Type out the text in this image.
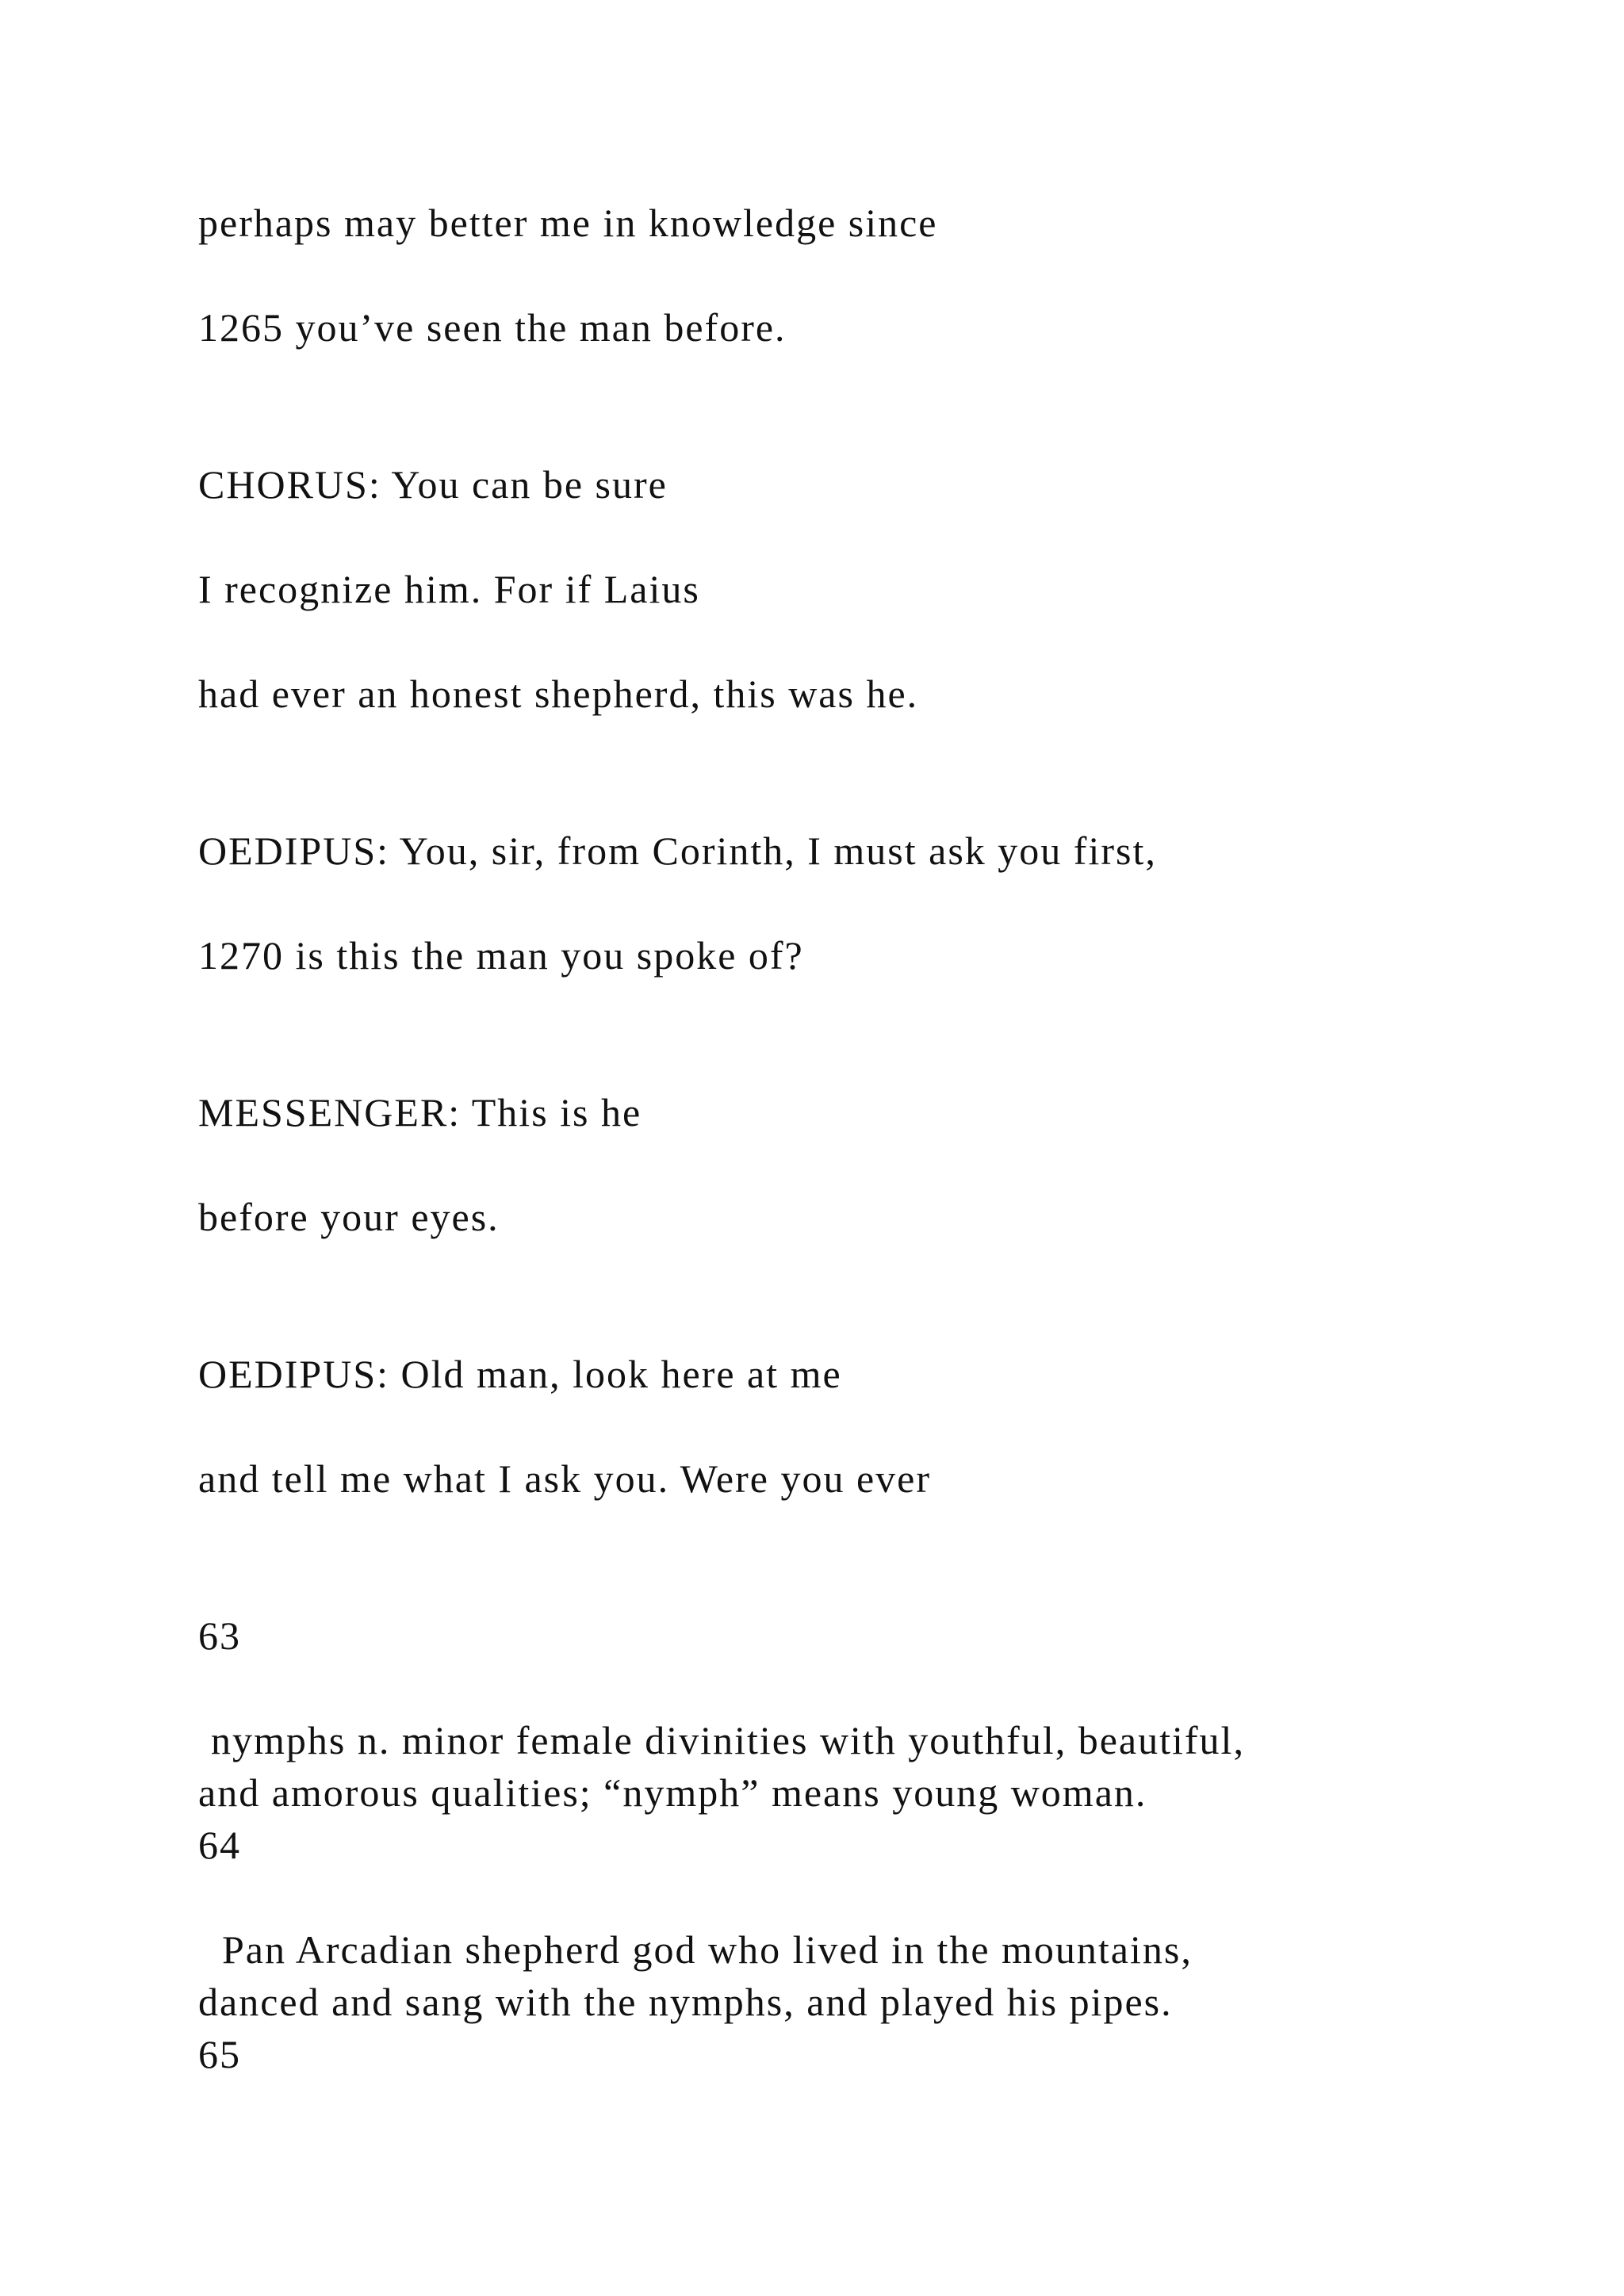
perhaps may better me in knowledge since

1265 you’ve seen the man before.

CHORUS: You can be sure

I recognize him. For if Laius

had ever an honest shepherd, this was he.

OEDIPUS: You, sir, from Corinth, I must ask you first,

1270 is this the man you spoke of?

MESSENGER: This is he

before your eyes.

OEDIPUS: Old man, look here at me

and tell me what I ask you. Were you ever

63

nymphs n. minor female divinities with youthful, beautiful,
and amorous qualities; “nymph” means young woman.
64
Pan Arcadian shepherd god who lived in the mountains,
danced and sang with the nymphs, and played his pipes.
65
